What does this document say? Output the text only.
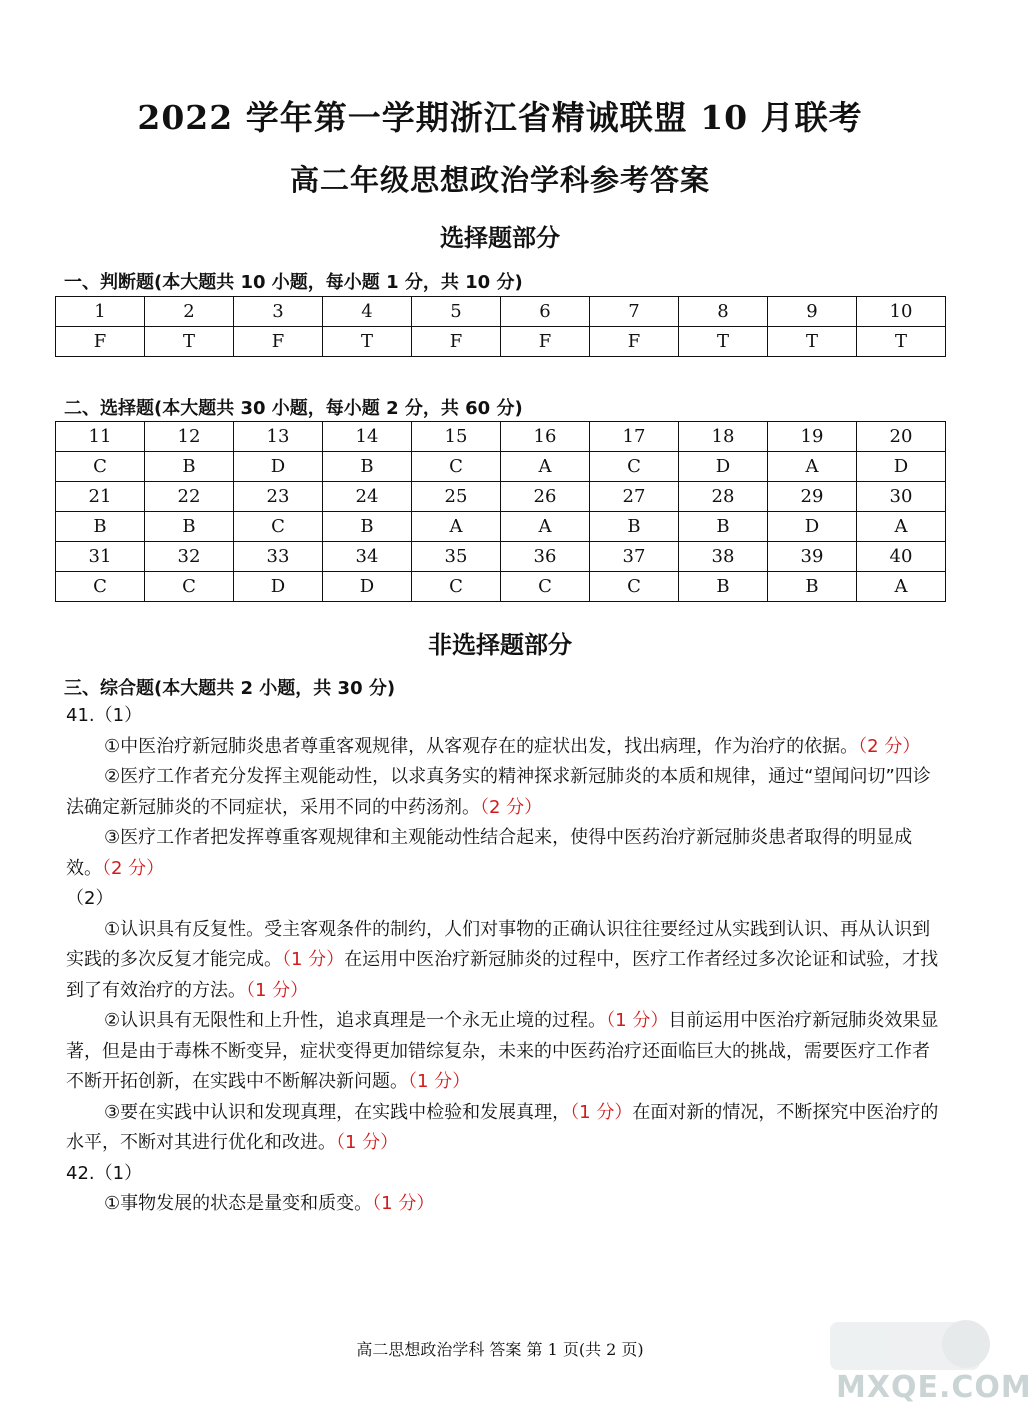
2022 学年第一学期浙江省精诚联盟 10 月联考
高二年级思想政治学科参考答案
选择题部分
一、判断题(本大题共 10 小题，每小题 1 分，共 10 分)
1	2	3	4	5	6	7	8	9	10
F	T	F	T	F	F	F	T	T	T
二、选择题(本大题共 30 小题，每小题 2 分，共 60 分)
11	12	13	14	15	16	17	18	19	20
C	B	D	B	C	A	C	D	A	D
21	22	23	24	25	26	27	28	29	30
B	B	C	B	A	A	B	B	D	A
31	32	33	34	35	36	37	38	39	40
C	C	D	D	C	C	C	B	B	A
非选择题部分
三、综合题(本大题共 2 小题，共 30 分)
41.（1）
①中医治疗新冠肺炎患者尊重客观规律，从客观存在的症状出发，找出病理，作为治疗的依据。（2 分）
②医疗工作者充分发挥主观能动性，以求真务实的精神探求新冠肺炎的本质和规律，通过“望闻问切”四诊法确定新冠肺炎的不同症状，采用不同的中药汤剂。（2 分）
③医疗工作者把发挥尊重客观规律和主观能动性结合起来，使得中医药治疗新冠肺炎患者取得的明显成效。（2 分）
（2）
①认识具有反复性。受主客观条件的制约，人们对事物的正确认识往往要经过从实践到认识、再从认识到实践的多次反复才能完成。（1 分）在运用中医治疗新冠肺炎的过程中，医疗工作者经过多次论证和试验，才找到了有效治疗的方法。（1 分）
②认识具有无限性和上升性，追求真理是一个永无止境的过程。（1 分）目前运用中医治疗新冠肺炎效果显著，但是由于毒株不断变异，症状变得更加错综复杂，未来的中医药治疗还面临巨大的挑战，需要医疗工作者不断开拓创新，在实践中不断解决新问题。（1 分）
③要在实践中认识和发现真理，在实践中检验和发展真理，（1 分）在面对新的情况，不断探究中医治疗的水平，不断对其进行优化和改进。（1 分）
42.（1）
①事物发展的状态是量变和质变。（1 分）
高二思想政治学科 答案 第 1 页(共 2 页)
MXQE.COM
